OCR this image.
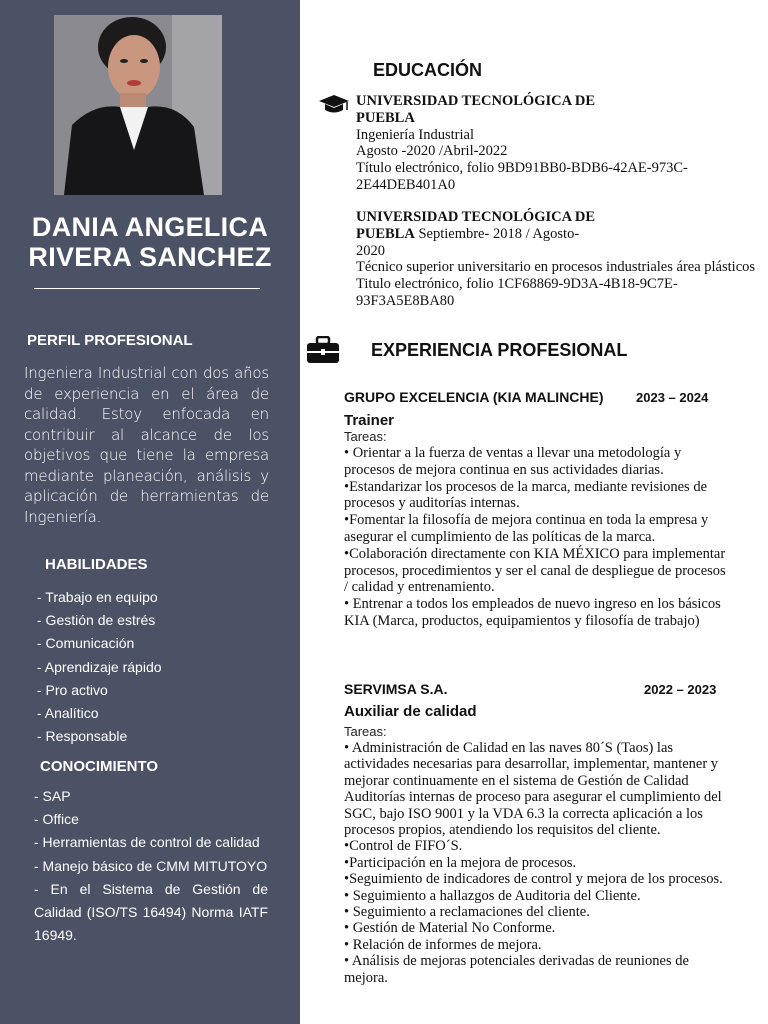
DANIA ANGELICA
RIVERA SANCHEZ
PERFIL PROFESIONAL
Ingeniera Industrial con dos años de experiencia en el área de calidad. Estoy enfocada en contribuir al alcance de los objetivos que tiene la empresa mediante planeación, análisis y aplicación de herramientas de Ingeniería.
HABILIDADES
- Trabajo en equipo
- Gestión de estrés
- Comunicación
- Aprendizaje rápido
- Pro activo
- Analítico
- Responsable
CONOCIMIENTO
- SAP
- Office
- Herramientas de control de calidad
- Manejo básico de CMM MITUTOYO
- En el Sistema de Gestión de Calidad (ISO/TS 16494) Norma IATF 16949.
EDUCACIÓN
UNIVERSIDAD TECNOLÓGICA DE PUEBLA
Ingeniería Industrial
Agosto -2020 /Abril-2022
Título electrónico, folio 9BD91BB0-BDB6-42AE-973C-2E44DEB401A0
UNIVERSIDAD TECNOLÓGICA DE PUEBLA Septiembre- 2018 / Agosto-2020
Técnico superior universitario en procesos industriales área plásticos Titulo electrónico, folio 1CF68869-9D3A-4B18-9C7E-93F3A5E8BA80
EXPERIENCIA PROFESIONAL
GRUPO EXCELENCIA (KIA MALINCHE) 2023 – 2024
Trainer
Tareas:

• Orientar a la fuerza de ventas a llevar una metodología y procesos de mejora continua en sus actividades diarias.

•Estandarizar los procesos de la marca, mediante revisiones de procesos y auditorías internas.

•Fomentar la filosofía de mejora continua en toda la empresa y asegurar el cumplimiento de las políticas de la marca.

•Colaboración directamente con KIA MÉXICO para implementar procesos, procedimientos y ser el canal de despliegue de procesos / calidad y entrenamiento.

• Entrenar a todos los empleados de nuevo ingreso en los básicos KIA (Marca, productos, equipamientos y filosofía de trabajo)

SERVIMSA S.A.	2022 – 2023
Auxiliar de calidad
Tareas:

• Administración de Calidad en las naves 80´S (Taos) las actividades necesarias para desarrollar, implementar, mantener y mejorar continuamente en el sistema de Gestión de Calidad Auditorías internas de proceso para asegurar el cumplimiento del SGC, bajo ISO 9001 y la VDA 6.3 la correcta aplicación a los procesos propios, atendiendo los requisitos del cliente.

•Control de FIFO´S.

•Participación en la mejora de procesos.

•Seguimiento de indicadores de control y mejora de los procesos.

• Seguimiento a hallazgos de Auditoria del Cliente.

• Seguimiento a reclamaciones del cliente.

• Gestión de Material No Conforme.

• Relación de informes de mejora.

• Análisis de mejoras potenciales derivadas de reuniones de mejora.
